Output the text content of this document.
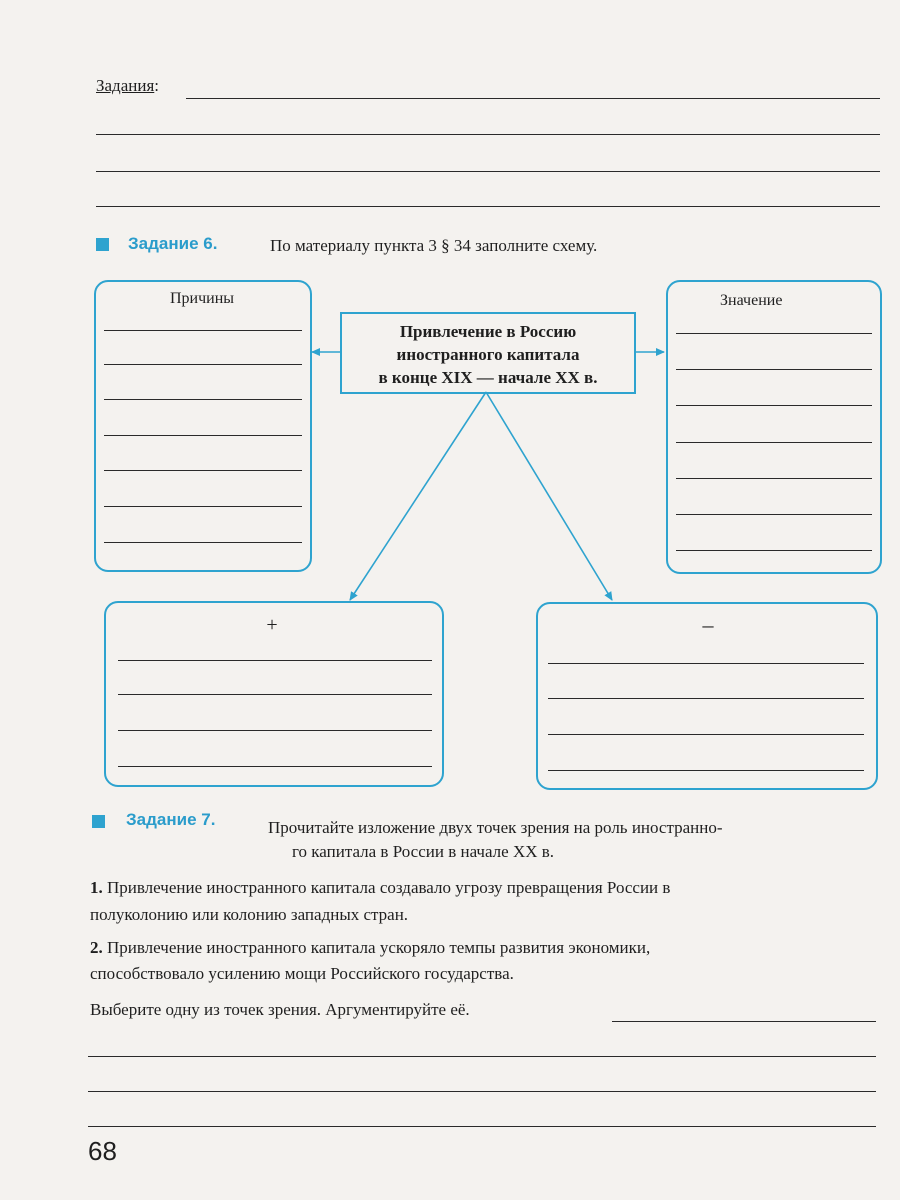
Задания:
Задание 6.	По материалу пункта 3 § 34 заполните схему.
Причины	Значение
Привлечение в Россию
иностранного капитала
в конце XIX — начале XX в.
+	–
Задание 7.	Прочитайте изложение двух точек зрения на роль иностранно-
го капитала в России в начале XX в.
1. Привлечение иностранного капитала создавало угрозу превращения России в
полуколонию или колонию западных стран.
2. Привлечение иностранного капитала ускоряло темпы развития экономики,
способствовало усилению мощи Российского государства.
Выберите одну из точек зрения. Аргументируйте её.
68
